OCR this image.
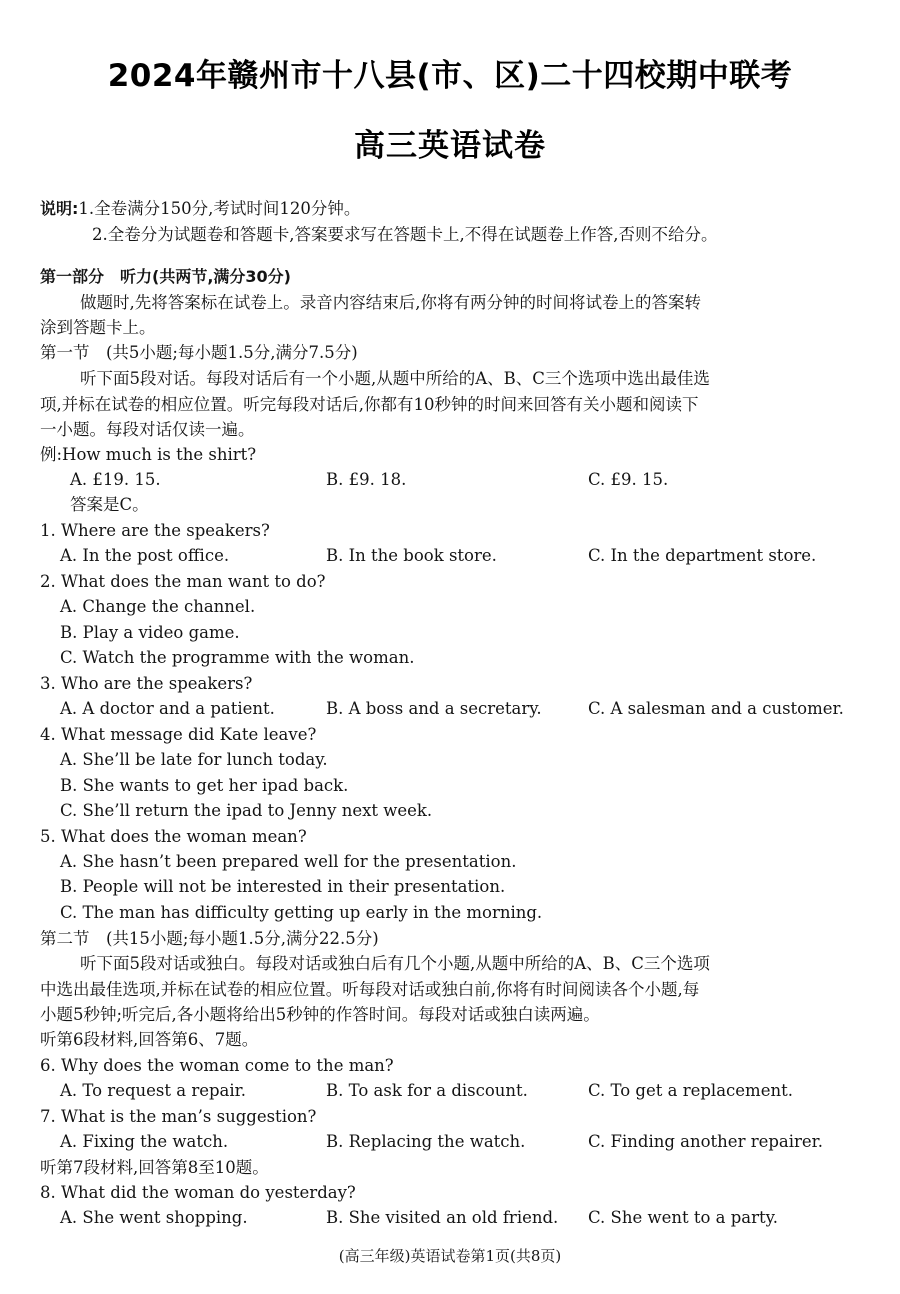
2024年赣州市十八县(市、区)二十四校期中联考
高三英语试卷
说明:1.全卷满分150分,考试时间120分钟。
2.全卷分为试题卷和答题卡,答案要求写在答题卡上,不得在试题卷上作答,否则不给分。
第一部分　听力(共两节,满分30分)
做题时,先将答案标在试卷上。录音内容结束后,你将有两分钟的时间将试卷上的答案转
涂到答题卡上。
第一节　(共5小题;每小题1.5分,满分7.5分)
听下面5段对话。每段对话后有一个小题,从题中所给的A、B、C三个选项中选出最佳选
项,并标在试卷的相应位置。听完每段对话后,你都有10秒钟的时间来回答有关小题和阅读下
一小题。每段对话仅读一遍。
例:How much is the shirt?
A. £19. 15.	B. £9. 18.	C. £9. 15.
答案是C。
1. Where are the speakers?
A. In the post office.	B. In the book store.	C. In the department store.
2. What does the man want to do?
A. Change the channel.
B. Play a video game.
C. Watch the programme with the woman.
3. Who are the speakers?
A. A doctor and a patient.	B. A boss and a secretary.	C. A salesman and a customer.
4. What message did Kate leave?
A. She’ll be late for lunch today.
B. She wants to get her ipad back.
C. She’ll return the ipad to Jenny next week.
5. What does the woman mean?
A. She hasn’t been prepared well for the presentation.
B. People will not be interested in their presentation.
C. The man has difficulty getting up early in the morning.
第二节　(共15小题;每小题1.5分,满分22.5分)
听下面5段对话或独白。每段对话或独白后有几个小题,从题中所给的A、B、C三个选项
中选出最佳选项,并标在试卷的相应位置。听每段对话或独白前,你将有时间阅读各个小题,每
小题5秒钟;听完后,各小题将给出5秒钟的作答时间。每段对话或独白读两遍。
听第6段材料,回答第6、7题。
6. Why does the woman come to the man?
A. To request a repair.	B. To ask for a discount.	C. To get a replacement.
7. What is the man’s suggestion?
A. Fixing the watch.	B. Replacing the watch.	C. Finding another repairer.
听第7段材料,回答第8至10题。
8. What did the woman do yesterday?
A. She went shopping.	B. She visited an old friend. C. She went to a party.
(高三年级)英语试卷第1页(共8页)
